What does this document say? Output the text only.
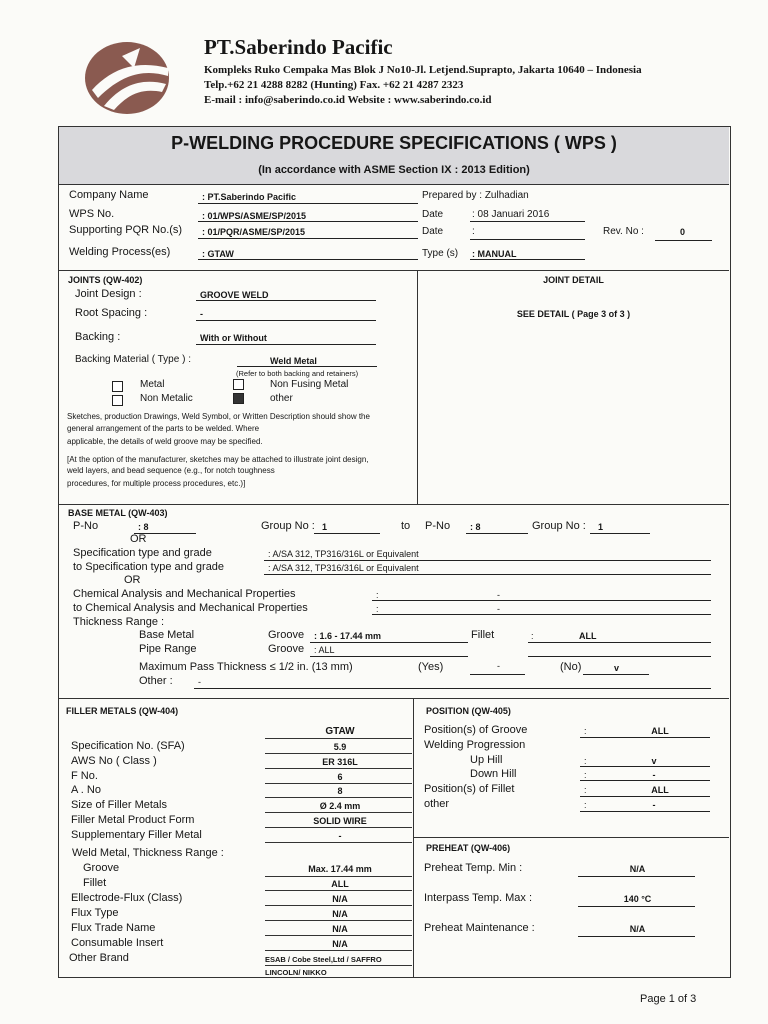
PT.Saberindo Pacific
Kompleks Ruko Cempaka Mas Blok J No10-Jl. Letjend.Suprapto, Jakarta 10640 – Indonesia
Telp.+62 21 4288 8282 (Hunting) Fax. +62 21 4287 2323
E-mail : info@saberindo.co.id Website : www.saberindo.co.id
P-WELDING PROCEDURE SPECIFICATIONS ( WPS )
(In accordance with ASME Section IX : 2013 Edition)
Company Name	: PT.Saberindo Pacific	Prepared by : Zulhadian
WPS No.	: 01/WPS/ASME/SP/2015	Date	: 08 Januari 2016
Supporting PQR No.(s) : 01/PQR/ASME/SP/2015	Date	:	Rev. No :	0
Welding Process(es)	: GTAW	Type (s) : MANUAL
JOINTS (QW-402)	JOINT DETAIL
Joint Design :	GROOVE WELD
Root Spacing :	-
Backing :	With or Without
Backing Material ( Type ) :	Weld Metal
(Refer to both backing and retainers)
Metal	Non Fusing Metal
Non Metalic	other
Sketches, production Drawings, Weld Symbol, or Written Description should show the
general arrangement of the parts to be welded. Where
applicable, the details of weld groove may be specified.
[At the option of the manufacturer, sketches may be attached to illustrate joint design,
weld layers, and bead sequence (e.g., for notch toughness
procedures, for multiple process procedures, etc.)]
SEE DETAIL ( Page 3 of 3 )
BASE METAL (QW-403)
P-No	: 8	Group No : 1	to P-No : 8	Group No : 1
OR
Specification type and grade	: A/SA 312, TP316/316L or Equivalent
to Specification type and grade	: A/SA 312, TP316/316L or Equivalent
OR
Chemical Analysis and Mechanical Properties	:	-
to Chemical Analysis and Mechanical Properties	:	-
Thickness Range :
Base Metal	Groove : 1.6 - 17.44 mm	Fillet	:	ALL
Pipe Range	Groove : ALL
Maximum Pass Thickness ≤ 1/2 in. (13 mm)	(Yes)	-	(No)	v
Other :	-
FILLER METALS (QW-404)
GTAW
Specification No. (SFA)	5.9
AWS No ( Class )	ER 316L
F No.	6
A . No	8
Size of Filler Metals	Ø 2.4 mm
Filler Metal Product Form	SOLID WIRE
Supplementary Filler Metal	-
Weld Metal, Thickness Range :
Groove	Max. 17.44 mm
Fillet	ALL
Ellectrode-Flux (Class)	N/A
Flux Type	N/A
Flux Trade Name	N/A
Consumable Insert	N/A
Other Brand	ESAB / Cobe Steel,Ltd / SAFFRO
LINCOLN/ NIKKO
POSITION (QW-405)
Position(s) of Groove	:	ALL
Welding Progression
Up Hill	:	v
Down Hill	:	-
Position(s) of Fillet	:	ALL
other	:	-
PREHEAT (QW-406)
Preheat Temp. Min :	N/A
Interpass Temp. Max :	140 °C
Preheat Maintenance :	N/A
Page 1 of 3
